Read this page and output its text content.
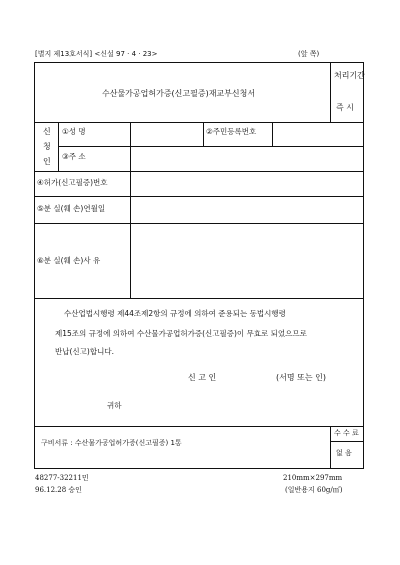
[별지 제13호서식] <신설 97 · 4 · 23>	(앞 쪽)
수산물가공업허가증(신고필증)재교부신청서
처리기간
즉 시
신
청
인
①성 명	②주민등록번호
③주 소
④허가(신고필증)번호
⑤분 실(훼 손)연월일
⑥분 실(훼 손)사 유
수산업법시행령 제44조제2항의 규정에 의하여 준용되는 동법시행령
제15조의 규정에 의하여 수산물가공업허가증(신고필증)이 무효로 되었으므로
반납(신고)합니다.
신 고 인	(서명 또는 인)
귀하
구비서류 : 수산물가공업허가증(신고필증) 1통
수 수 료
없 음
48277-32211민
96.12.28 승인
210mm×297mm
(일반용지 60g/㎡)
